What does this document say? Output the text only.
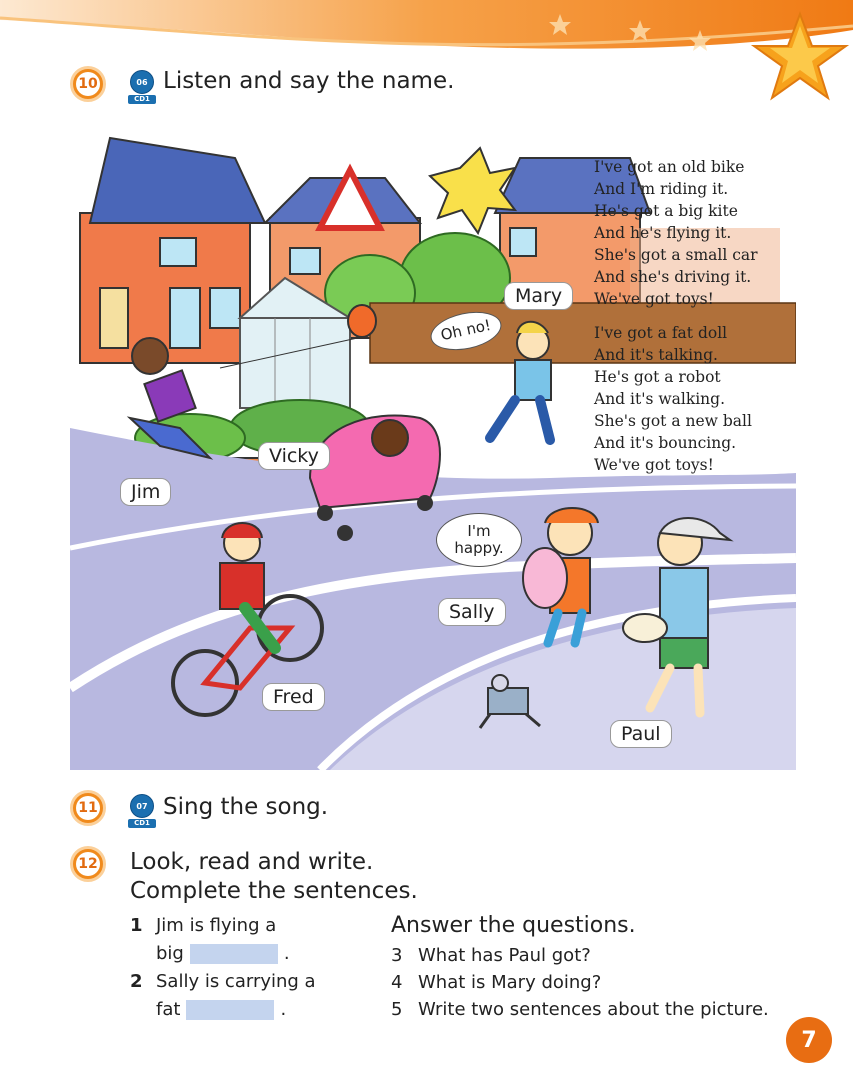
10	06
CD1
Listen and say the name.

I've got an old bike

And I'm riding it.

He's got a big kite

And he's flying it.

She's got a small car

And she's driving it.

We've got toys!

I've got a fat doll

And it's talking.

He's got a robot

And it's walking.

She's got a new ball

And it's bouncing.

We've got toys!

Mary
Vicky
Jim
Sally
Fred
Paul
Oh no!
I'm
happy.
11	07
CD1
Sing the song.
12 Look, read and write.
Complete the sentences.
1 Jim is flying a
big	.
2 Sally is carrying a
fat	.
Answer the questions.
3 What has Paul got?
4 What is Mary doing?
5 Write two sentences about the picture.
7
